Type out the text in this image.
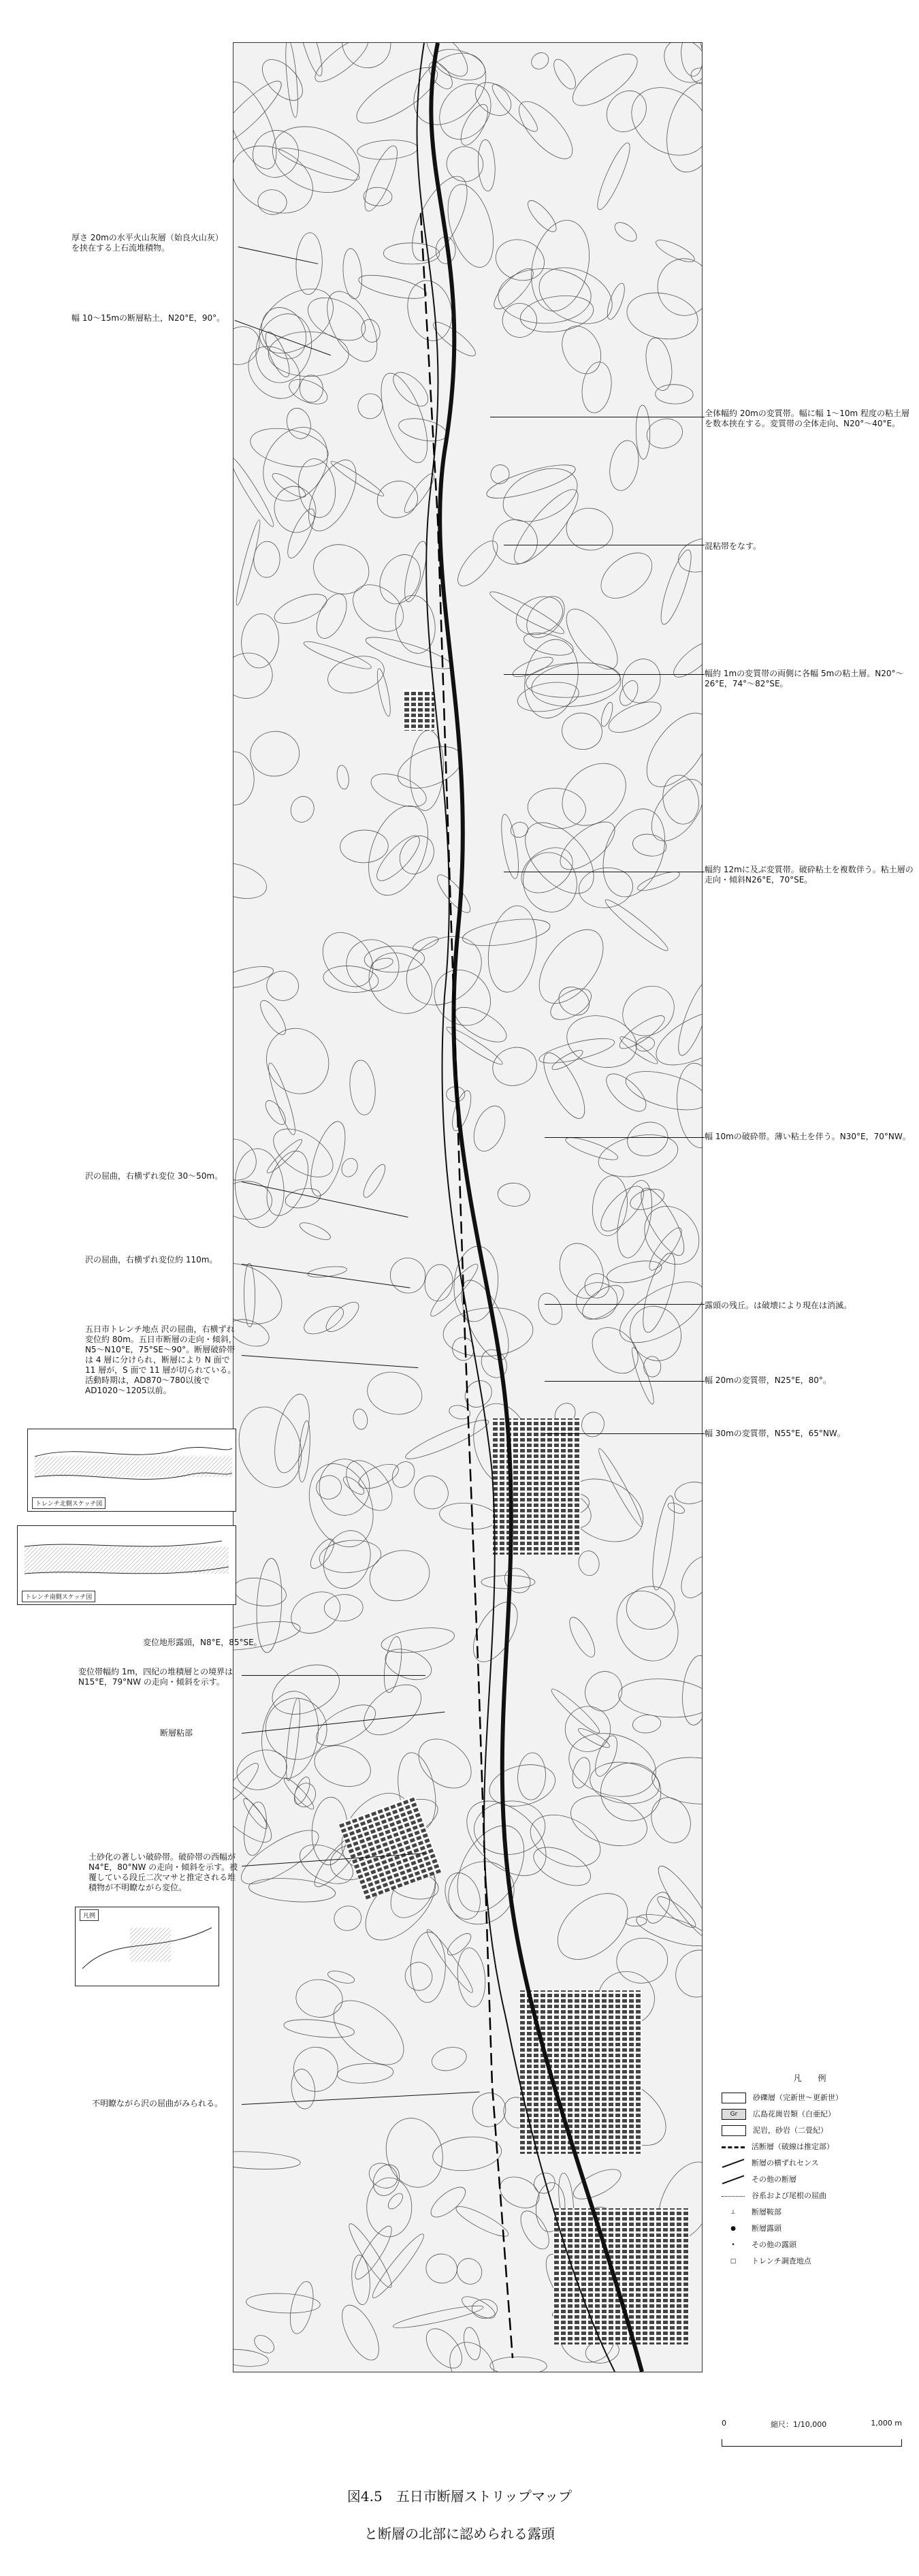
全体幅約 20mの変質帯。幅に幅 1〜10m 程度の粘土層を数本挟在する。変質帯の全体走向、N20°〜40°E。
混粘帯をなす。
幅約 1mの変質帯の両側に各幅 5mの粘土層。N20°〜26°E，74°〜82°SE。
幅約 12mに及ぶ変質帯。破砕粘土を複数伴う。粘土層の走向・傾斜N26°E，70°SE。
幅 10mの破砕帯。薄い粘土を伴う。N30°E，70°NW。
露頭の残丘。は破壊により現在は消滅。
幅 20mの変質帯，N25°E，80°。
幅 30mの変質帯，N55°E，65°NW。
厚さ 20mの水平火山灰層（始良火山灰）を挟在する上石流堆積物。
幅 10〜15mの断層粘土，N20°E，90°。
沢の屈曲，右横ずれ変位 30〜50m。
沢の屈曲，右横ずれ変位約 110m。
五日市トレンチ地点 沢の屈曲，右横ずれ変位約 80m。五日市断層の走向・傾斜，N5〜N10°E，75°SE〜90°。断層破砕帯は 4 層に分けられ，断層により N 面で 11 層が，S 面で 11 層が切られている。活動時期は，AD870〜780以後でAD1020〜1205以前。
変位地形露頭，N8°E，85°SE。
変位帯幅約 1m，四紀の堆積層との境界は N15°E，79°NW の走向・傾斜を示す。
断層粘部
土砂化の著しい破砕帯。破砕帯の西幅が N4°E，80°NW の走向・傾斜を示す。被覆している段丘二次マサと推定される堆積物が不明瞭ながら変位。
不明瞭ながら沢の屈曲がみられる。
トレンチ北側スケッチ図
トレンチ南側スケッチ図
凡例
凡　例
砂礫層（完新世〜更新世）
Gr 広島花崗岩類（白亜紀）
泥岩，砂岩（二畳紀）
活断層（破線は推定部）
断層の横ずれセンス
その他の断層
谷系および尾根の屈曲
⟂	断層鞍部
●	断層露頭
•	その他の露頭
□	トレンチ調査地点
0	縮尺：1/10,000	1,000 m
図4.5　五日市断層ストリップマップ
と断層の北部に認められる露頭
